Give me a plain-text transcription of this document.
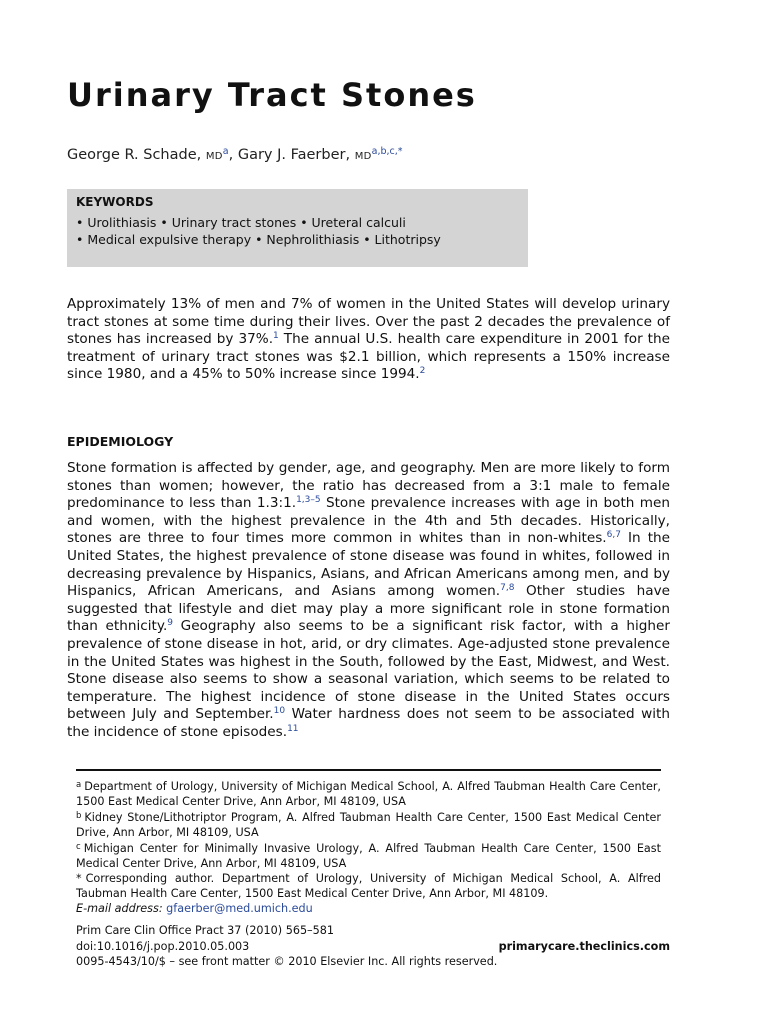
Urinary Tract Stones
George R. Schade, $MD^a$, Gary J. Faerber, $MD^{a,b,c,*}$
KEYWORDS
• Urolithiasis • Urinary tract stones • Ureteral calculi
• Medical expulsive therapy • Nephrolithiasis • Lithotripsy
Approximately 13% of men and 7% of women in the United States will develop urinary tract stones at some time during their lives. Over the past 2 decades the prevalence of stones has increased by 37%.$^1$ The annual U.S. health care expenditure in 2001 for the treatment of urinary tract stones was $2.1 billion, which represents a 150% increase since 1980, and a 45% to 50% increase since 1994.$^2$
EPIDEMIOLOGY
Stone formation is affected by gender, age, and geography. Men are more likely to form stones than women; however, the ratio has decreased from a 3:1 male to female predominance to less than 1.3:1.$^{1,3-5}$ Stone prevalence increases with age in both men and women, with the highest prevalence in the 4th and 5th decades. Historically, stones are three to four times more common in whites than in non-whites.$^{6,7}$ In the United States, the highest prevalence of stone disease was found in whites, followed in decreasing prevalence by Hispanics, Asians, and African Americans among men, and by Hispanics, African Americans, and Asians among women.$^{7,8}$ Other studies have suggested that lifestyle and diet may play a more significant role in stone formation than ethnicity.$^9$ Geography also seems to be a significant risk factor, with a higher prevalence of stone disease in hot, arid, or dry climates. Age-adjusted stone prevalence in the United States was highest in the South, followed by the East, Midwest, and West. Stone disease also seems to show a seasonal variation, which seems to be related to temperature. The highest incidence of stone disease in the United States occurs between July and September.$^{10}$ Water hardness does not seem to be associated with the incidence of stone episodes.$^{11}$

$^a$ Department of Urology, University of Michigan Medical School, A. Alfred Taubman Health Care Center, 1500 East Medical Center Drive, Ann Arbor, MI 48109, USA

$^b$ Kidney Stone/Lithotriptor Program, A. Alfred Taubman Health Care Center, 1500 East Medical Center Drive, Ann Arbor, MI 48109, USA

$^c$ Michigan Center for Minimally Invasive Urology, A. Alfred Taubman Health Care Center, 1500 East Medical Center Drive, Ann Arbor, MI 48109, USA

* Corresponding author. Department of Urology, University of Michigan Medical School, A. Alfred Taubman Health Care Center, 1500 East Medical Center Drive, Ann Arbor, MI 48109.

E-mail address: gfaerber@med.umich.edu

Prim Care Clin Office Pract 37 (2010) 565–581
doi:10.1016/j.pop.2010.05.003	primarycare.theclinics.com
0095-4543/10/$ – see front matter © 2010 Elsevier Inc. All rights reserved.
